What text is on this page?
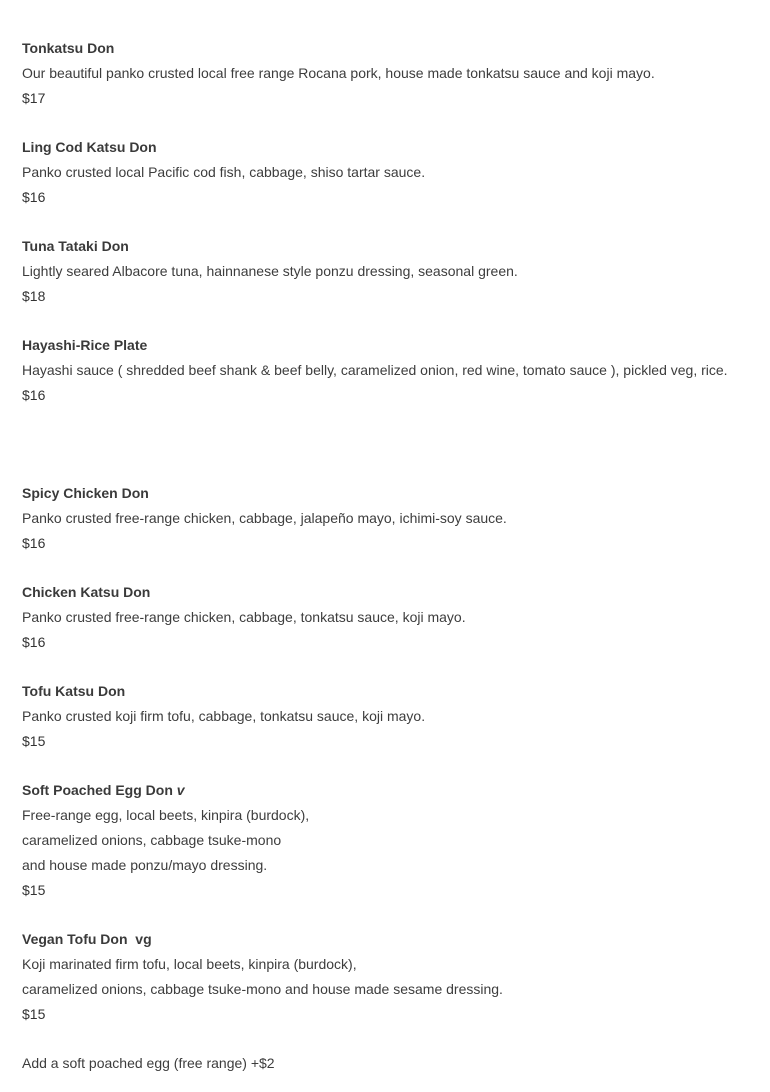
Tonkatsu Don

Our beautiful panko crusted local free range Rocana pork, house made tonkatsu sauce and koji mayo.

$17

Ling Cod Katsu Don

Panko crusted local Pacific cod fish, cabbage, shiso tartar sauce.

$16

Tuna Tataki Don

Lightly seared Albacore tuna, hainnanese style ponzu dressing, seasonal green.

$18

Hayashi-Rice Plate

Hayashi sauce ( shredded beef shank & beef belly, caramelized onion, red wine, tomato sauce ), pickled veg, rice.

$16

Spicy Chicken Don

Panko crusted free-range chicken, cabbage, jalapeño mayo, ichimi-soy sauce.

$16

Chicken Katsu Don

Panko crusted free-range chicken, cabbage, tonkatsu sauce, koji mayo.

$16

Tofu Katsu Don

Panko crusted koji firm tofu, cabbage, tonkatsu sauce, koji mayo.

$15

Soft Poached Egg Don v

Free-range egg, local beets, kinpira (burdock),

caramelized onions, cabbage tsuke-mono

and house made ponzu/mayo dressing.

$15

Vegan Tofu Don vg

Koji marinated firm tofu, local beets, kinpira (burdock),

caramelized onions, cabbage tsuke-mono and house made sesame dressing.

$15

Add a soft poached egg (free range) +$2
